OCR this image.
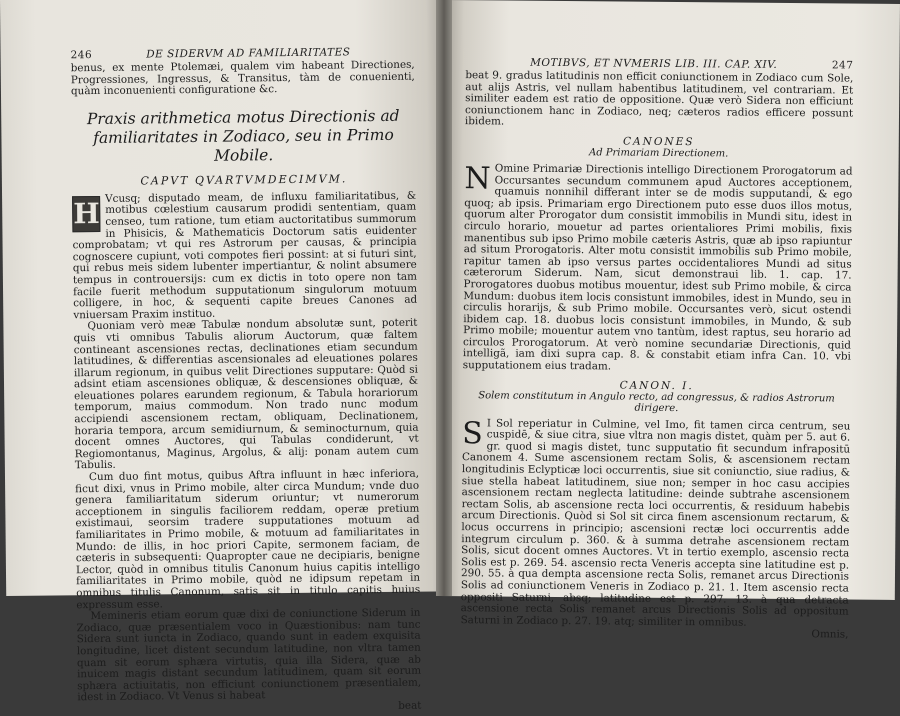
246	DE SIDERVM AD FAMILIARITATES

benus, ex mente Ptolemæi, qualem vim habeant Directiones, Progressiones, Ingressus, & Transitus, tàm de conuenienti, quàm inconuenienti configuratione &c.

Praxis arithmetica motus Directionis ad familiaritates in Zodiaco, seu in Primo Mobile.
CAPVT QVARTVMDECIMVM.
H Vcusq; disputado meam, de influxu familiaritatibus, & motibus cœlestium causarum prodidi sententiam, quam censeo, tum ratione, tum etiam auctoritatibus summorum in Phisicis, & Mathematicis Doctorum satis euidenter comprobatam; vt qui res Astrorum per causas, & principia cognoscere cupiunt, voti compotes fieri possint: at si futuri sint, qui rebus meis sidem lubenter impertiantur, & nolint absumere tempus in controuersijs: cum ex dictis in toto opere non tam facile fuerit methodum supputationum singulorum motuum colligere, in hoc, & sequenti capite breues Canones ad vniuersam Praxim instituo.

Quoniam verò meæ Tabulæ nondum absolutæ sunt, poterit quis vti omnibus Tabulis aliorum Auctorum, quæ faltem contineant ascensiones rectas, declinationes etiam secundum latitudines, & differentias ascensionales ad eleuationes polares illarum regionum, in quibus velit Directiones supputare: Quòd si adsint etiam ascensiones obliquæ, & descensiones obliquæ, & eleuationes polares earundem regionum, & Tabula horariorum temporum, maius commodum. Non trado nunc modum accipiendi ascensionem rectam, obliquam, Declinationem, horaria tempora, arcum semidiurnum, & seminocturnum, quia docent omnes Auctores, qui Tabulas condiderunt, vt Regiomontanus, Maginus, Argolus, & alij: ponam autem cum Tabulis.

Cum duo fint motus, quibus Aftra influunt in hæc inferiora, ficut dixi, vnus in Primo mobile, alter circa Mundum; vnde duo genera familiaritatum siderum oriuntur; vt numerorum acceptionem in singulis faciliorem reddam, operæ pretium existimaui, seorsim tradere supputationes motuum ad familiaritates in Primo mobile, & motuum ad familiaritates in Mundo: de illis, in hoc priori Capite, sermonem faciam, de cæteris in subsequenti: Quapropter caue ne decipiaris, benigne Lector, quòd in omnibus titulis Canonum huius capitis intelligo familiaritates in Primo mobile, quòd ne idipsum repetam in omnibus titulis Canonum, satis sit in titulo capitis huius expressum esse.

Memineris etiam eorum quæ dixi de coniunctione Siderum in Zodiaco, quæ præsentialem voco in Quæstionibus: nam tunc Sidera sunt iuncta in Zodiaco, quando sunt in eadem exquisita longitudine, licet distent secundum latitudine, non vltra tamen quam sit eorum sphæra virtutis, quia illa Sidera, quæ ab inuicem magis distant secundum latitudinem, quam sit eorum sphæra actiuitatis, non efficiunt coniunctionem præsentialem, idest in Zodiaco. Vt Venus si habeat

beat
MOTIBVS, ET NVMERIS LIB. III. CAP. XIV.	247

beat 9. gradus latitudinis non efficit coniunctionem in Zodiaco cum Sole, aut alijs Astris, vel nullam habentibus latitudinem, vel contrariam. Et similiter eadem est ratio de oppositione. Quæ verò Sidera non efficiunt coniunctionem hanc in Zodiaco, neq; cæteros radios efficere possunt ibidem.

CANONES
Ad Primariam Directionem.
N Omine Primariæ Directionis intelligo Directionem Prorogatorum ad Occursantes secundum communem apud Auctores acceptionem, quamuis nonnihil differant inter se de modis supputandi, & ego quoq; ab ipsis. Primariam ergo Directionem puto esse duos illos motus, quorum alter Prorogator dum consistit immobilis in Mundi situ, idest in circulo horario, mouetur ad partes orientaliores Primi mobilis, fixis manentibus sub ipso Primo mobile cæteris Astris, quæ ab ipso rapiuntur ad situm Prorogatoris. Alter motu consistit immobilis sub Primo mobile, rapitur tamen ab ipso versus partes occidentaliores Mundi ad situs cæterorum Siderum. Nam, sicut demonstraui lib. 1. cap. 17. Prorogatores duobus motibus mouentur, idest sub Primo mobile, & circa Mundum: duobus item locis consistunt immobiles, idest in Mundo, seu in circulis horarijs, & sub Primo mobile. Occursantes verò, sicut ostendi ibidem cap. 18. duobus locis consistunt immobiles, in Mundo, & sub Primo mobile; mouentur autem vno tantùm, idest raptus, seu horario ad circulos Prorogatorum. At verò nomine secundariæ Directionis, quid intelligã, iam dixi supra cap. 8. & constabit etiam infra Can. 10. vbi supputationem eius tradam.

CANON. I.
Solem constitutum in Angulo recto, ad congressus, & radios Astrorum dirigere.
S I Sol reperiatur in Culmine, vel Imo, fit tamen circa centrum, seu cuspidē, & siue citra, siue vltra non magis distet, quàm per 5. aut 6. gr. quod si magis distet, tunc supputatio fit secundum infrapositū Canonem 4. Sume ascensionem rectam Solis, & ascensionem rectam longitudinis Eclypticæ loci occurrentis, siue sit coniunctio, siue radius, & siue stella habeat latitudinem, siue non; semper in hoc casu accipies ascensionem rectam neglecta latitudine: deinde subtrahe ascensionem rectam Solis, ab ascensione recta loci occurrentis, & residuum habebis arcum Directionis. Quòd si Sol sit circa finem ascensionum rectarum, & locus occurrens in principio; ascensioni rectæ loci occurrentis adde integrum circulum p. 360. & à summa detrahe ascensionem rectam Solis, sicut docent omnes Auctores. Vt in tertio exemplo, ascensio recta Solis est p. 269. 54. ascensio recta Veneris accepta sine latitudine est p. 290. 55. à qua dempta ascensione recta Solis, remanet arcus Directionis Solis ad coniunctionem Veneris in Zodiaco p. 21. 1. Item ascensio recta oppositi Saturni, absq; latitudine est p. 297. 13. à qua detracta ascensione recta Solis remanet arcus Directionis Solis ad oppositum Saturni in Zodiaco p. 27. 19. atq; similiter in omnibus.

Omnis,
